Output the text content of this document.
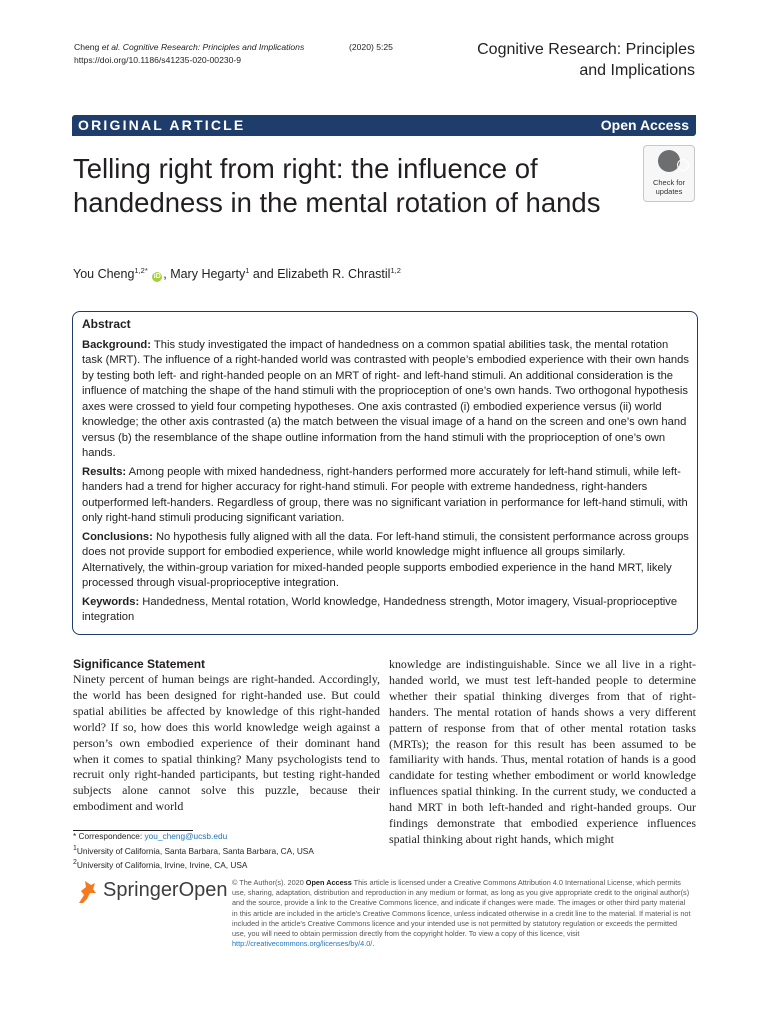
Cheng et al. Cognitive Research: Principles and Implications	(2020) 5:25
https://doi.org/10.1186/s41235-020-00230-9
Cognitive Research: Principles
and Implications
ORIGINAL ARTICLE	Open Access
Telling right from right: the influence of handedness in the mental rotation of hands
Check for
updates
You Cheng$^{1,2*}$ iD , Mary Hegarty$^1$ and Elizabeth R. Chrastil$^{1,2}$
Abstract

Background: This study investigated the impact of handedness on a common spatial abilities task, the mental rotation task (MRT). The influence of a right-handed world was contrasted with people’s embodied experience with their own hands by testing both left- and right-handed people on an MRT of right- and left-hand stimuli. An additional consideration is the influence of matching the shape of the hand stimuli with the proprioception of one’s own hands. Two orthogonal hypothesis axes were crossed to yield four competing hypotheses. One axis contrasted (i) embodied experience versus (ii) world knowledge; the other axis contrasted (a) the match between the visual image of a hand on the screen and one’s own hand versus (b) the resemblance of the shape outline information from the hand stimuli with the proprioception of one’s own hands.

Results: Among people with mixed handedness, right-handers performed more accurately for left-hand stimuli, while left-handers had a trend for higher accuracy for right-hand stimuli. For people with extreme handedness, right-handers outperformed left-handers. Regardless of group, there was no significant variation in performance for left-hand stimuli, with only right-hand stimuli producing significant variation.

Conclusions: No hypothesis fully aligned with all the data. For left-hand stimuli, the consistent performance across groups does not provide support for embodied experience, while world knowledge might influence all groups similarly. Alternatively, the within-group variation for mixed-handed people supports embodied experience in the hand MRT, likely processed through visual-proprioceptive integration.

Keywords: Handedness, Mental rotation, World knowledge, Handedness strength, Motor imagery, Visual-proprioceptive integration

Significance Statement

Ninety percent of human beings are right-handed. Accordingly, the world has been designed for right-handed use. But could spatial abilities be affected by knowledge of this right-handed world? If so, how does this world knowledge weigh against a person’s own embodied experience of their dominant hand when it comes to spatial thinking? Many psychologists tend to recruit only right-handed participants, but testing right-handed subjects alone cannot solve this puzzle, because their embodiment and world

knowledge are indistinguishable. Since we all live in a right-handed world, we must test left-handed people to determine whether their spatial thinking diverges from that of right-handers. The mental rotation of hands shows a very different pattern of response from that of other mental rotation tasks (MRTs); the reason for this result has been assumed to be familiarity with hands. Thus, mental rotation of hands is a good candidate for testing whether embodiment or world knowledge influences spatial thinking. In the current study, we conducted a hand MRT in both left-handed and right-handed groups. Our findings demonstrate that embodied experience influences spatial thinking about right hands, which might

* Correspondence: you_cheng@ucsb.edu
$^1$University of California, Santa Barbara, Santa Barbara, CA, USA
$^2$University of California, Irvine, Irvine, CA, USA
SpringerOpen © The Author(s). 2020 Open Access This article is licensed under a Creative Commons Attribution 4.0 International License, which permits use, sharing, adaptation, distribution and reproduction in any medium or format, as long as you give appropriate credit to the original author(s) and the source, provide a link to the Creative Commons licence, and indicate if changes were made. The images or other third party material in this article are included in the article's Creative Commons licence, unless indicated otherwise in a credit line to the material. If material is not included in the article's Creative Commons licence and your intended use is not permitted by statutory regulation or exceeds the permitted use, you will need to obtain permission directly from the copyright holder. To view a copy of this licence, visit http://creativecommons.org/licenses/by/4.0/.
